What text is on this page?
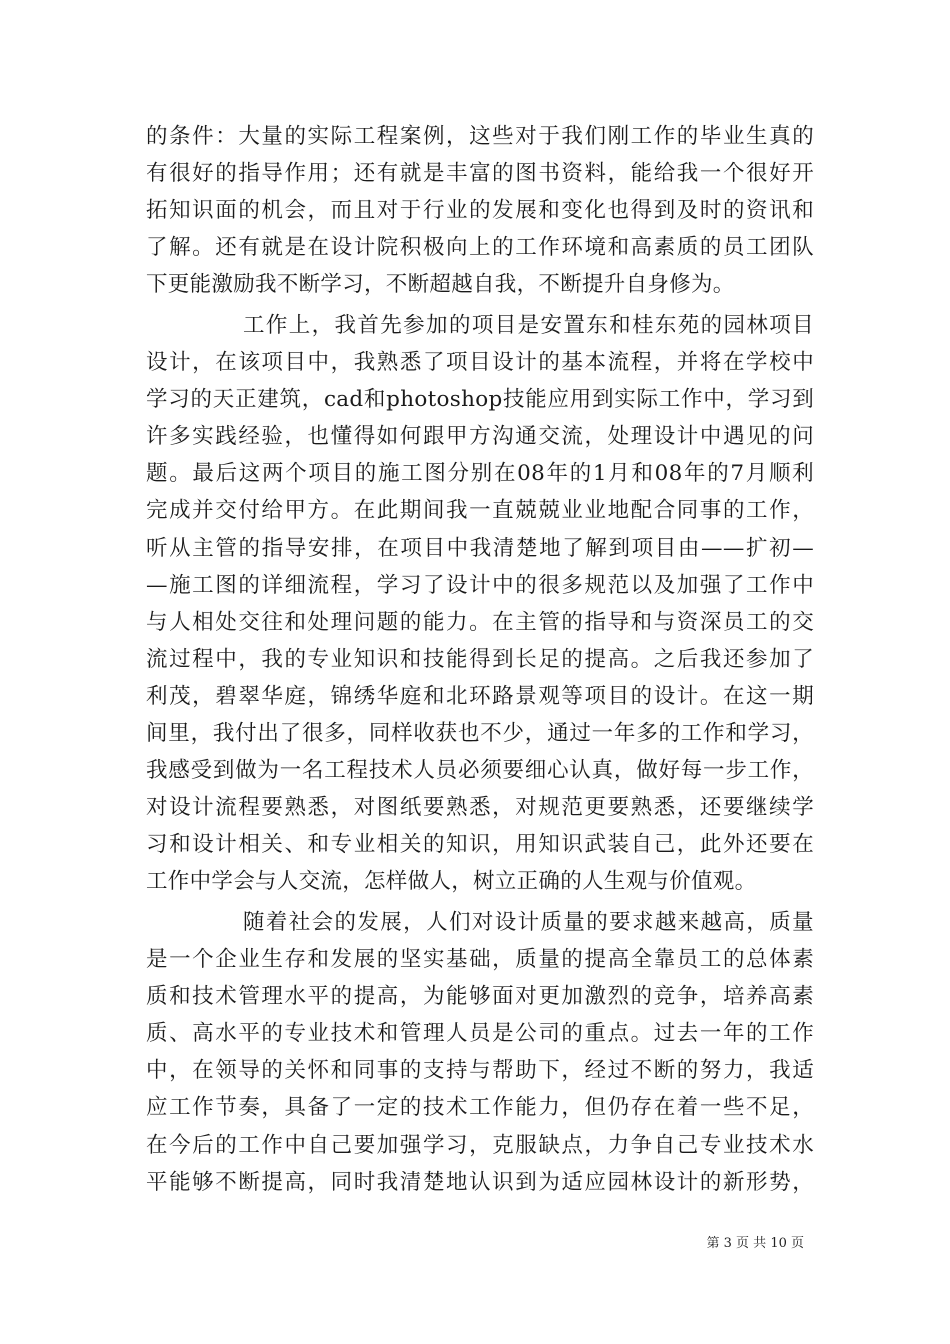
的条件：大量的实际工程案例，这些对于我们刚工作的毕业生真的
有很好的指导作用；还有就是丰富的图书资料，能给我一个很好开
拓知识面的机会，而且对于行业的发展和变化也得到及时的资讯和
了解。还有就是在设计院积极向上的工作环境和高素质的员工团队
下更能激励我不断学习，不断超越自我，不断提升自身修为。
工作上，我首先参加的项目是安置东和桂东苑的园林项目
设计，在该项目中，我熟悉了项目设计的基本流程，并将在学校中
学习的天正建筑，cad和photoshop技能应用到实际工作中，学习到
许多实践经验，也懂得如何跟甲方沟通交流，处理设计中遇见的问
题。最后这两个项目的施工图分别在08年的1月和08年的7月顺利
完成并交付给甲方。在此期间我一直兢兢业业地配合同事的工作，
听从主管的指导安排，在项目中我清楚地了解到项目由——扩初—
—施工图的详细流程，学习了设计中的很多规范以及加强了工作中
与人相处交往和处理问题的能力。在主管的指导和与资深员工的交
流过程中，我的专业知识和技能得到长足的提高。之后我还参加了
利茂，碧翠华庭，锦绣华庭和北环路景观等项目的设计。在这一期
间里，我付出了很多，同样收获也不少，通过一年多的工作和学习，
我感受到做为一名工程技术人员必须要细心认真，做好每一步工作，
对设计流程要熟悉，对图纸要熟悉，对规范更要熟悉，还要继续学
习和设计相关、和专业相关的知识，用知识武装自己，此外还要在
工作中学会与人交流，怎样做人，树立正确的人生观与价值观。
随着社会的发展，人们对设计质量的要求越来越高，质量
是一个企业生存和发展的坚实基础，质量的提高全靠员工的总体素
质和技术管理水平的提高，为能够面对更加激烈的竞争，培养高素
质、高水平的专业技术和管理人员是公司的重点。过去一年的工作
中，在领导的关怀和同事的支持与帮助下，经过不断的努力，我适
应工作节奏，具备了一定的技术工作能力，但仍存在着一些不足，
在今后的工作中自己要加强学习，克服缺点，力争自己专业技术水
平能够不断提高，同时我清楚地认识到为适应园林设计的新形势，
第 3 页 共 10 页
